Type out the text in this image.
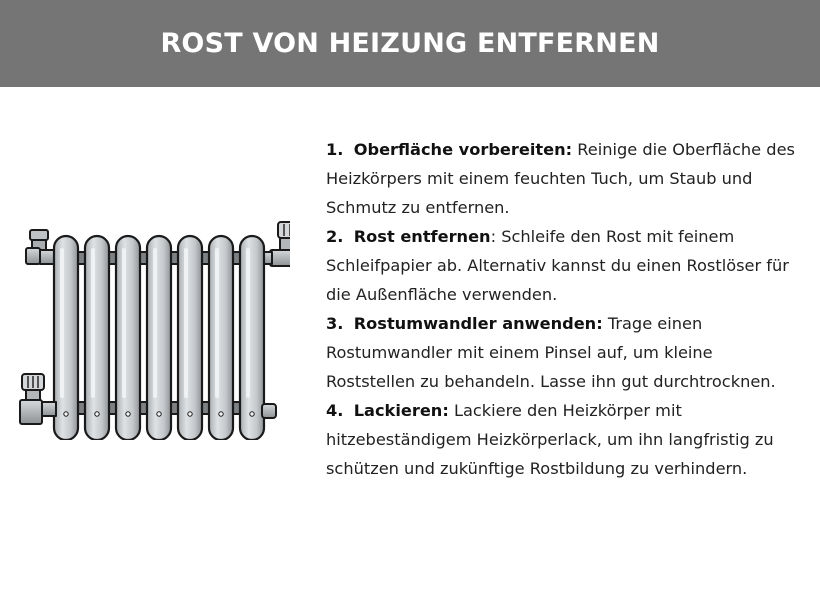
ROST VON HEIZUNG ENTFERNEN
1. Oberfläche vorbereiten: Reinige die Oberfläche des Heizkörpers mit einem feuchten Tuch, um Staub und Schmutz zu entfernen.
2. Rost entfernen: Schleife den Rost mit feinem Schleifpapier ab. Alternativ kannst du einen Rostlöser für die Außenfläche verwenden.
3. Rostumwandler anwenden: Trage einen Rostumwandler mit einem Pinsel auf, um kleine Roststellen zu behandeln. Lasse ihn gut durchtrocknen.
4. Lackieren: Lackiere den Heizkörper mit hitzebeständigem Heizkörperlack, um ihn langfristig zu schützen und zukünftige Rostbildung zu verhindern.
